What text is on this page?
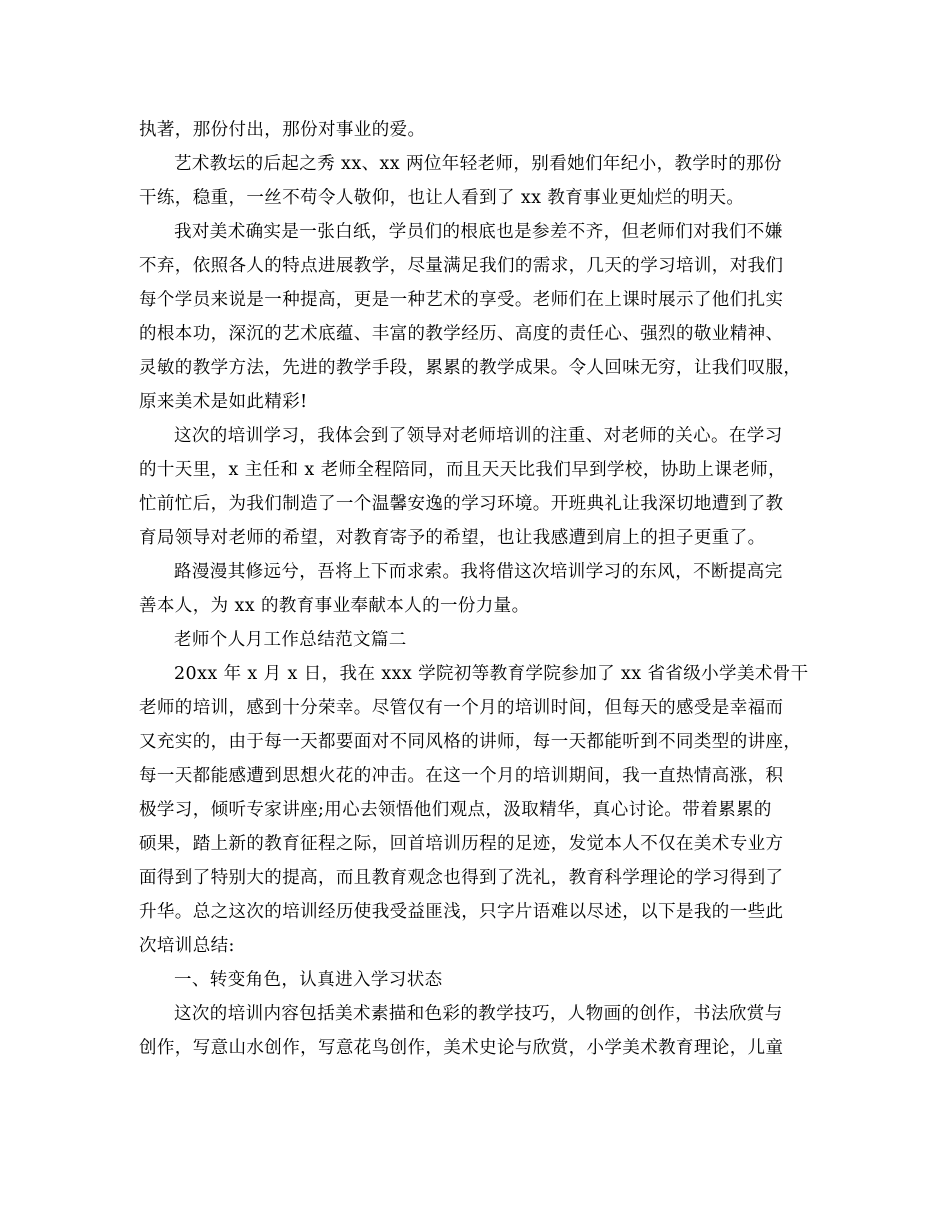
执著，那份付出，那份对事业的爱。
艺术教坛的后起之秀 xx、xx 两位年轻老师，别看她们年纪小，教学时的那份
干练，稳重，一丝不苟令人敬仰，也让人看到了 xx 教育事业更灿烂的明天。
我对美术确实是一张白纸，学员们的根底也是参差不齐，但老师们对我们不嫌
不弃，依照各人的特点进展教学，尽量满足我们的需求，几天的学习培训，对我们
每个学员来说是一种提高，更是一种艺术的享受。老师们在上课时展示了他们扎实
的根本功，深沉的艺术底蕴、丰富的教学经历、高度的责任心、强烈的敬业精神、
灵敏的教学方法，先进的教学手段，累累的教学成果。令人回味无穷，让我们叹服，
原来美术是如此精彩!
这次的培训学习，我体会到了领导对老师培训的注重、对老师的关心。在学习
的十天里，x 主任和 x 老师全程陪同，而且天天比我们早到学校，协助上课老师，
忙前忙后，为我们制造了一个温馨安逸的学习环境。开班典礼让我深切地遭到了教
育局领导对老师的希望，对教育寄予的希望，也让我感遭到肩上的担子更重了。
路漫漫其修远兮，吾将上下而求索。我将借这次培训学习的东风，不断提高完
善本人，为 xx 的教育事业奉献本人的一份力量。
老师个人月工作总结范文篇二
20xx 年 x 月 x 日，我在 xxx 学院初等教育学院参加了 xx 省省级小学美术骨干
老师的培训，感到十分荣幸。尽管仅有一个月的培训时间，但每天的感受是幸福而
又充实的，由于每一天都要面对不同风格的讲师，每一天都能听到不同类型的讲座，
每一天都能感遭到思想火花的冲击。在这一个月的培训期间，我一直热情高涨，积
极学习，倾听专家讲座;用心去领悟他们观点，汲取精华，真心讨论。带着累累的
硕果，踏上新的教育征程之际，回首培训历程的足迹，发觉本人不仅在美术专业方
面得到了特别大的提高，而且教育观念也得到了洗礼，教育科学理论的学习得到了
升华。总之这次的培训经历使我受益匪浅，只字片语难以尽述，以下是我的一些此
次培训总结:
一、转变角色，认真进入学习状态
这次的培训内容包括美术素描和色彩的教学技巧，人物画的创作，书法欣赏与
创作，写意山水创作，写意花鸟创作，美术史论与欣赏，小学美术教育理论，儿童
